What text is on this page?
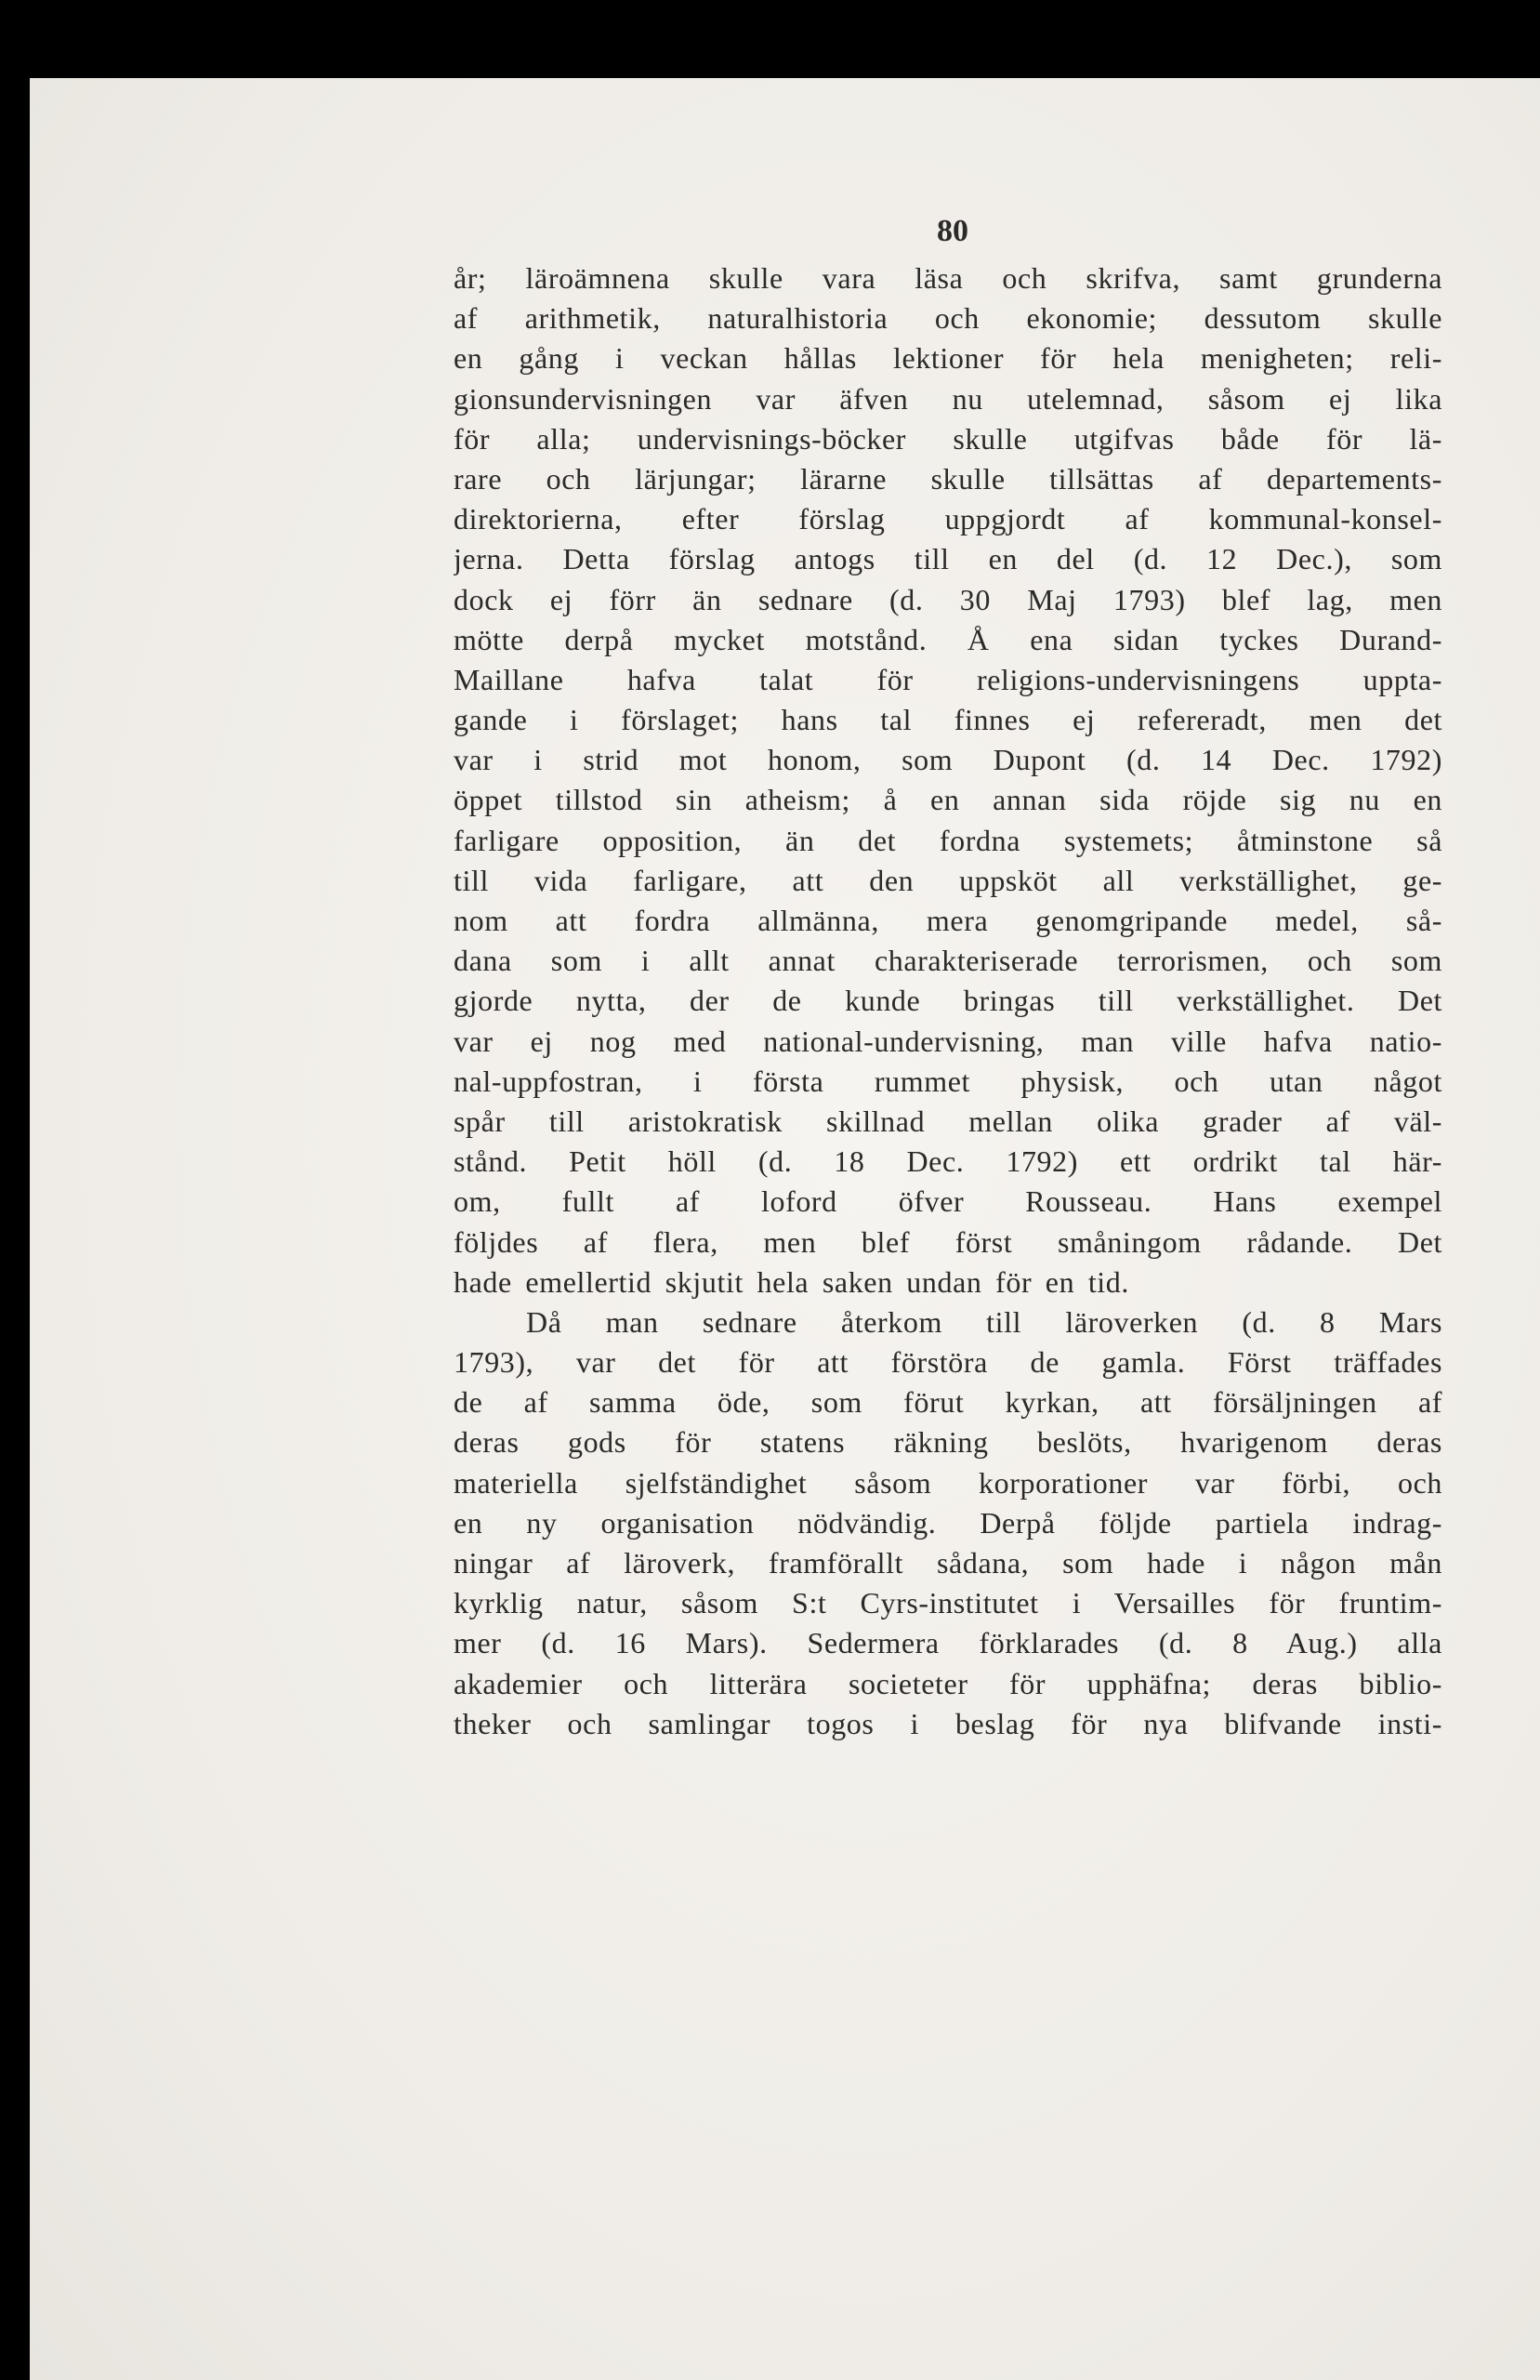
80
år; läroämnena skulle vara läsa och skrifva, samt grunderna
af arithmetik, naturalhistoria och ekonomie; dessutom skulle
en gång i veckan hållas lektioner för hela menigheten; reli-
gionsundervisningen var äfven nu utelemnad, såsom ej lika
för alla; undervisnings-böcker skulle utgifvas både för lä-
rare och lärjungar; lärarne skulle tillsättas af departements-
direktorierna, efter förslag uppgjordt af kommunal-konsel-
jerna. Detta förslag antogs till en del (d. 12 Dec.), som
dock ej förr än sednare (d. 30 Maj 1793) blef lag, men
mötte derpå mycket motstånd. Å ena sidan tyckes Durand-
Maillane hafva talat för religions-undervisningens uppta-
gande i förslaget; hans tal finnes ej refereradt, men det
var i strid mot honom, som Dupont (d. 14 Dec. 1792)
öppet tillstod sin atheism; å en annan sida röjde sig nu en
farligare opposition, än det fordna systemets; åtminstone så
till vida farligare, att den uppsköt all verkställighet, ge-
nom att fordra allmänna, mera genomgripande medel, så-
dana som i allt annat charakteriserade terrorismen, och som
gjorde nytta, der de kunde bringas till verkställighet. Det
var ej nog med national-undervisning, man ville hafva natio-
nal-uppfostran, i första rummet physisk, och utan något
spår till aristokratisk skillnad mellan olika grader af väl-
stånd. Petit höll (d. 18 Dec. 1792) ett ordrikt tal här-
om, fullt af loford öfver Rousseau. Hans exempel
följdes af flera, men blef först småningom rådande. Det
hade emellertid skjutit hela saken undan för en tid.
Då man sednare återkom till läroverken (d. 8 Mars
1793), var det för att förstöra de gamla. Först träffades
de af samma öde, som förut kyrkan, att försäljningen af
deras gods för statens räkning beslöts, hvarigenom deras
materiella sjelfständighet såsom korporationer var förbi, och
en ny organisation nödvändig. Derpå följde partiela indrag-
ningar af läroverk, framförallt sådana, som hade i någon mån
kyrklig natur, såsom S:t Cyrs-institutet i Versailles för fruntim-
mer (d. 16 Mars). Sedermera förklarades (d. 8 Aug.) alla
akademier och litterära societeter för upphäfna; deras biblio-
theker och samlingar togos i beslag för nya blifvande insti-
